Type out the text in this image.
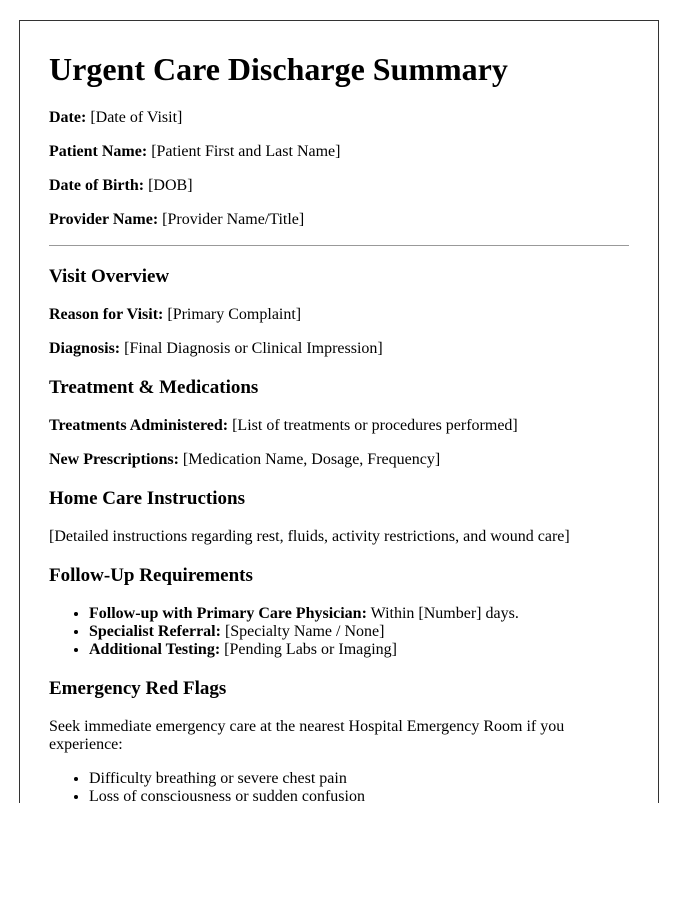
Urgent Care Discharge Summary

Date: [Date of Visit]

Patient Name: [Patient First and Last Name]

Date of Birth: [DOB]

Provider Name: [Provider Name/Title]

Visit Overview

Reason for Visit: [Primary Complaint]

Diagnosis: [Final Diagnosis or Clinical Impression]

Treatment & Medications

Treatments Administered: [List of treatments or procedures performed]

New Prescriptions: [Medication Name, Dosage, Frequency]

Home Care Instructions

[Detailed instructions regarding rest, fluids, activity restrictions, and wound care]

Follow-Up Requirements
• Follow-up with Primary Care Physician: Within [Number] days.
• Specialist Referral: [Specialty Name / None]
• Additional Testing: [Pending Labs or Imaging]
Emergency Red Flags

Seek immediate emergency care at the nearest Hospital Emergency Room if you experience:

• Difficulty breathing or severe chest pain
• Loss of consciousness or sudden confusion
